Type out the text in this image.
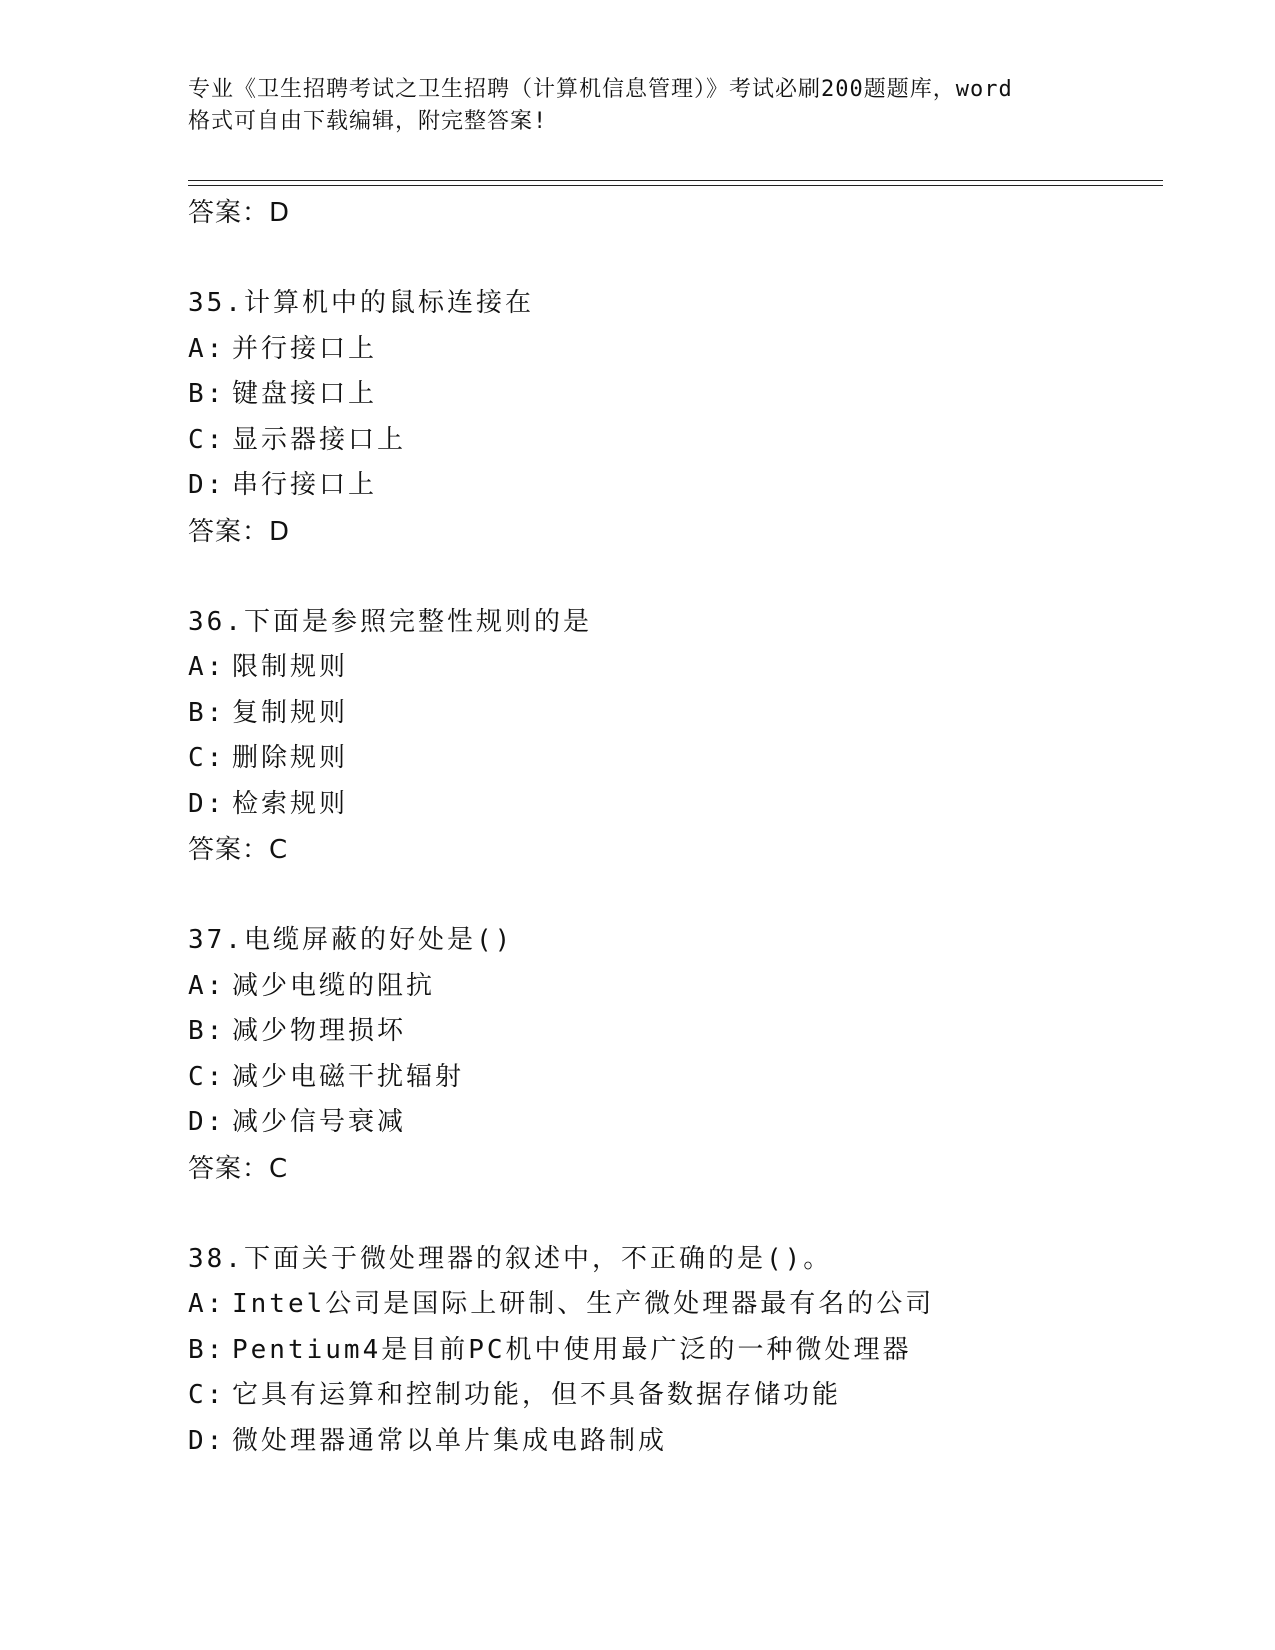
专业《卫生招聘考试之卫生招聘（计算机信息管理）》考试必刷200题题库，word
格式可自由下载编辑，附完整答案!
答案：D
35.计算机中的鼠标连接在
A: 并行接口上
B: 键盘接口上
C: 显示器接口上
D: 串行接口上
答案：D
36.下面是参照完整性规则的是
A: 限制规则
B: 复制规则
C: 删除规则
D: 检索规则
答案：C
37.电缆屏蔽的好处是()
A: 减少电缆的阻抗
B: 减少物理损坏
C: 减少电磁干扰辐射
D: 减少信号衰减
答案：C
38.下面关于微处理器的叙述中，不正确的是()。
A: Intel公司是国际上研制、生产微处理器最有名的公司
B: Pentium4是目前PC机中使用最广泛的一种微处理器
C: 它具有运算和控制功能，但不具备数据存储功能
D: 微处理器通常以单片集成电路制成
